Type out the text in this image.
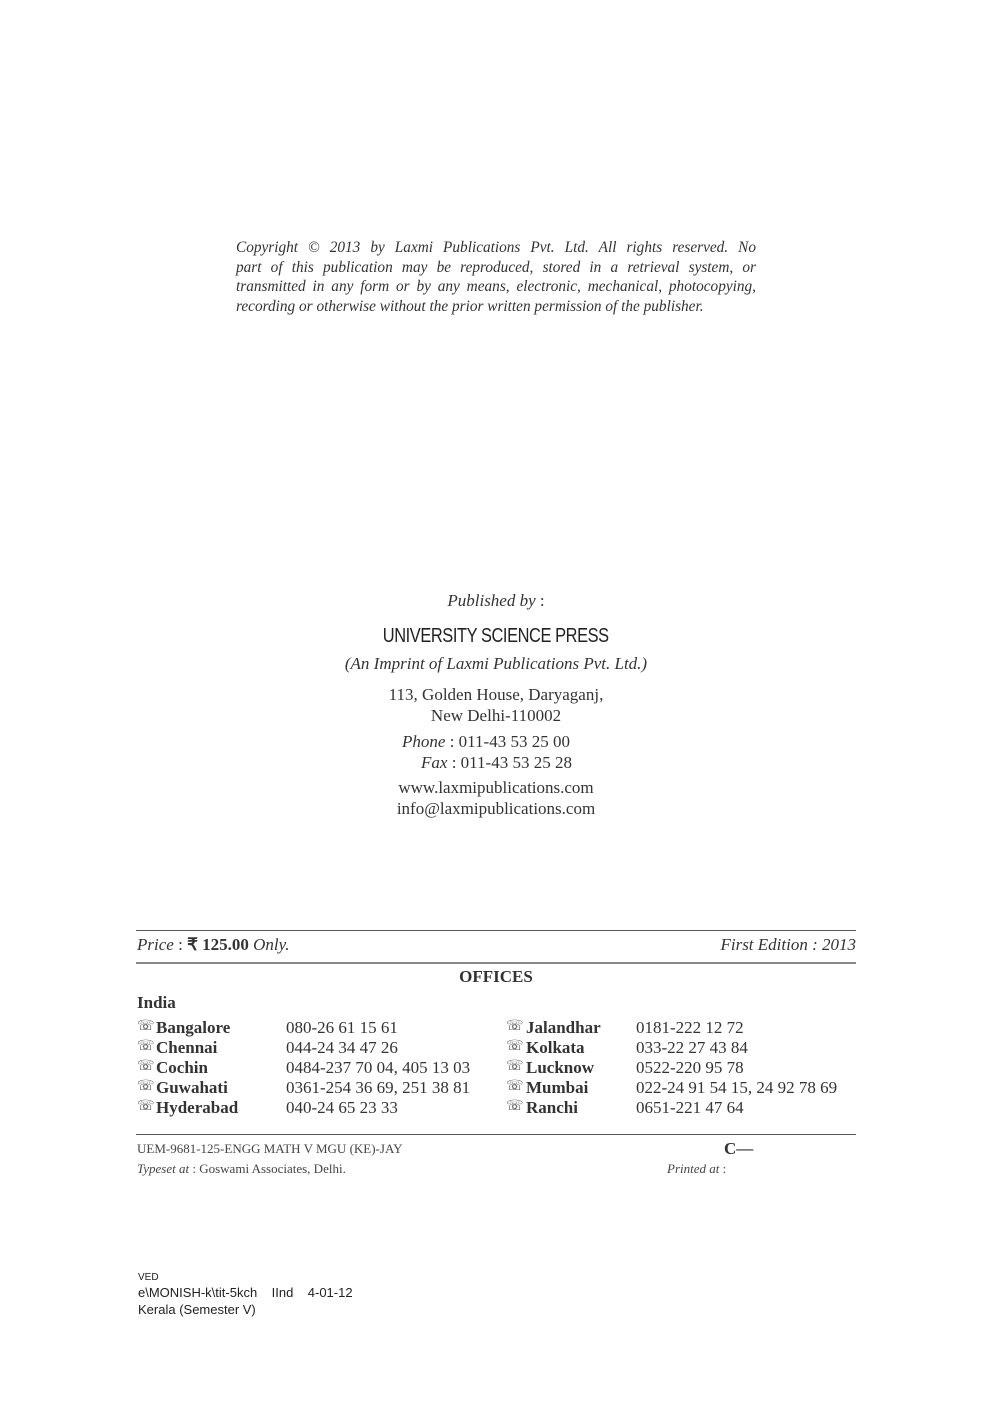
Copyright © 2013 by Laxmi Publications Pvt. Ltd. All rights reserved. No
part of this publication may be reproduced, stored in a retrieval system, or
transmitted in any form or by any means, electronic, mechanical, photocopying,
recording or otherwise without the prior written permission of the publisher.
Published by :
UNIVERSITY SCIENCE PRESS
(An Imprint of Laxmi Publications Pvt. Ltd.)
113, Golden House, Daryaganj,
New Delhi-110002
Phone : 011-43 53 25 00
Fax : 011-43 53 25 28
www.laxmipublications.com
info@laxmipublications.com
Price : ₹ 125.00 Only.	First Edition : 2013
OFFICES
India
☏ Bangalore	080-26 61 15 61
☏ Chennai	044-24 34 47 26
☏ Cochin	0484-237 70 04, 405 13 03
☏ Guwahati	0361-254 36 69, 251 38 81
☏ Hyderabad	040-24 65 23 33
☏ Jalandhar 0181-222 12 72
☏ Kolkata	033-22 27 43 84
☏ Lucknow 0522-220 95 78
☏ Mumbai	022-24 91 54 15, 24 92 78 69
☏ Ranchi	0651-221 47 64
UEM-9681-125-ENGG MATH V MGU (KE)-JAY	C—
Typeset at : Goswami Associates, Delhi.	Printed at :
VED
e\MONISH-k\tit-5kch    IInd    4-01-12
Kerala (Semester V)
